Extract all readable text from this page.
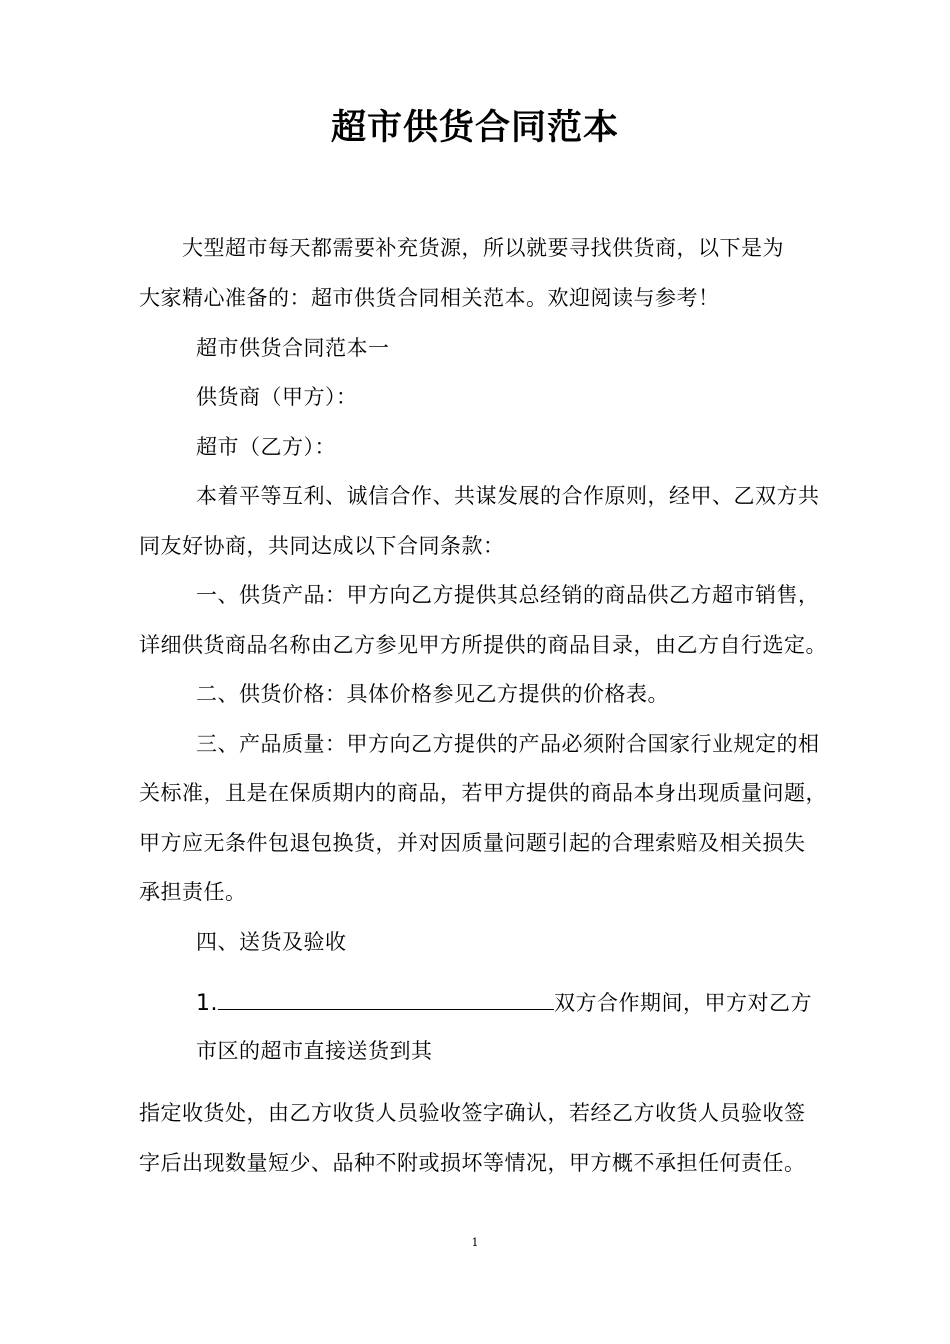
超市供货合同范本
大型超市每天都需要补充货源，所以就要寻找供货商，以下是为
大家精心准备的：超市供货合同相关范本。欢迎阅读与参考！
超市供货合同范本一
供货商（甲方）：
超市（乙方）：
本着平等互利、诚信合作、共谋发展的合作原则，经甲、乙双方共
同友好协商，共同达成以下合同条款：
一、供货产品：甲方向乙方提供其总经销的商品供乙方超市销售，
详细供货商品名称由乙方参见甲方所提供的商品目录，由乙方自行选定。
二、供货价格：具体价格参见乙方提供的价格表。
三、产品质量：甲方向乙方提供的产品必须附合国家行业规定的相
关标准，且是在保质期内的商品，若甲方提供的商品本身出现质量问题，
甲方应无条件包退包换货，并对因质量问题引起的合理索赔及相关损失
承担责任。
四、送货及验收
1.	双方合作期间，甲方对乙方
市区的超市直接送货到其
指定收货处，由乙方收货人员验收签字确认，若经乙方收货人员验收签
字后出现数量短少、品种不附或损坏等情况，甲方概不承担任何责任。
1
